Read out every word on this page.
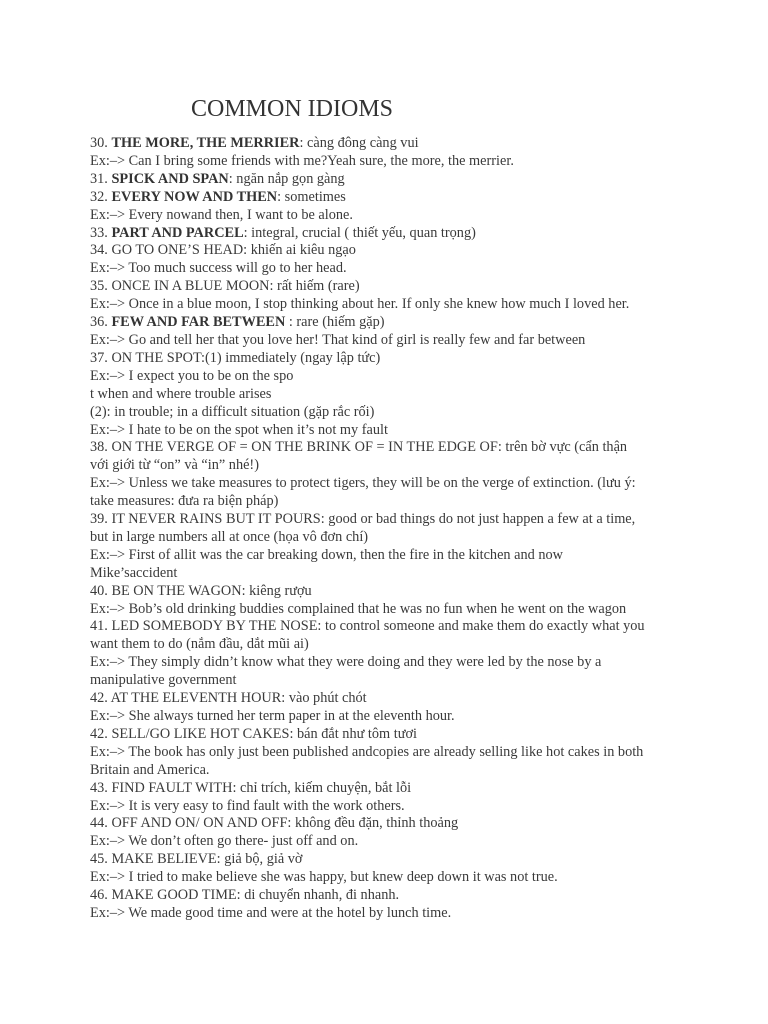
COMMON IDIOMS
30. THE MORE, THE MERRIER: càng đông càng vui
Ex:–> Can I bring some friends with me?Yeah sure, the more, the merrier.
31. SPICK AND SPAN: ngăn nắp gọn gàng
32. EVERY NOW AND THEN: sometimes
Ex:–> Every nowand then, I want to be alone.
33. PART AND PARCEL: integral, crucial ( thiết yếu, quan trọng)
34. GO TO ONE’S HEAD: khiến ai kiêu ngạo
Ex:–> Too much success will go to her head.
35. ONCE IN A BLUE MOON: rất hiếm (rare)
Ex:–> Once in a blue moon, I stop thinking about her. If only she knew how much I loved her.
36. FEW AND FAR BETWEEN : rare (hiếm gặp)
Ex:–> Go and tell her that you love her! That kind of girl is really few and far between
37. ON THE SPOT:(1) immediately (ngay lập tức)
Ex:–> I expect you to be on the spo
t when and where trouble arises
(2): in trouble; in a difficult situation (gặp rắc rối)
Ex:–> I hate to be on the spot when it’s not my fault
38. ON THE VERGE OF = ON THE BRINK OF = IN THE EDGE OF: trên bờ vực (cẩn thận
với giới từ “on” và “in” nhé!)
Ex:–> Unless we take measures to protect tigers, they will be on the verge of extinction. (lưu ý:
take measures: đưa ra biện pháp)
39. IT NEVER RAINS BUT IT POURS: good or bad things do not just happen a few at a time,
but in large numbers all at once (họa vô đơn chí)
Ex:–> First of allit was the car breaking down, then the fire in the kitchen and now
Mike’saccident
40. BE ON THE WAGON: kiêng rượu
Ex:–> Bob’s old drinking buddies complained that he was no fun when he went on the wagon
41. LED SOMEBODY BY THE NOSE: to control someone and make them do exactly what you
want them to do (nắm đầu, dắt mũi ai)
Ex:–> They simply didn’t know what they were doing and they were led by the nose by a
manipulative government
42. AT THE ELEVENTH HOUR: vào phút chót
Ex:–> She always turned her term paper in at the eleventh hour.
42. SELL/GO LIKE HOT CAKES: bán đắt như tôm tươi
Ex:–> The book has only just been published andcopies are already selling like hot cakes in both
Britain and America.
43. FIND FAULT WITH: chỉ trích, kiếm chuyện, bắt lỗi
Ex:–> It is very easy to find fault with the work others.
44. OFF AND ON/ ON AND OFF: không đều đặn, thỉnh thoảng
Ex:–> We don’t often go there- just off and on.
45. MAKE BELIEVE: giả bộ, giả vờ
Ex:–> I tried to make believe she was happy, but knew deep down it was not true.
46. MAKE GOOD TIME: di chuyển nhanh, đi nhanh.
Ex:–> We made good time and were at the hotel by lunch time.
